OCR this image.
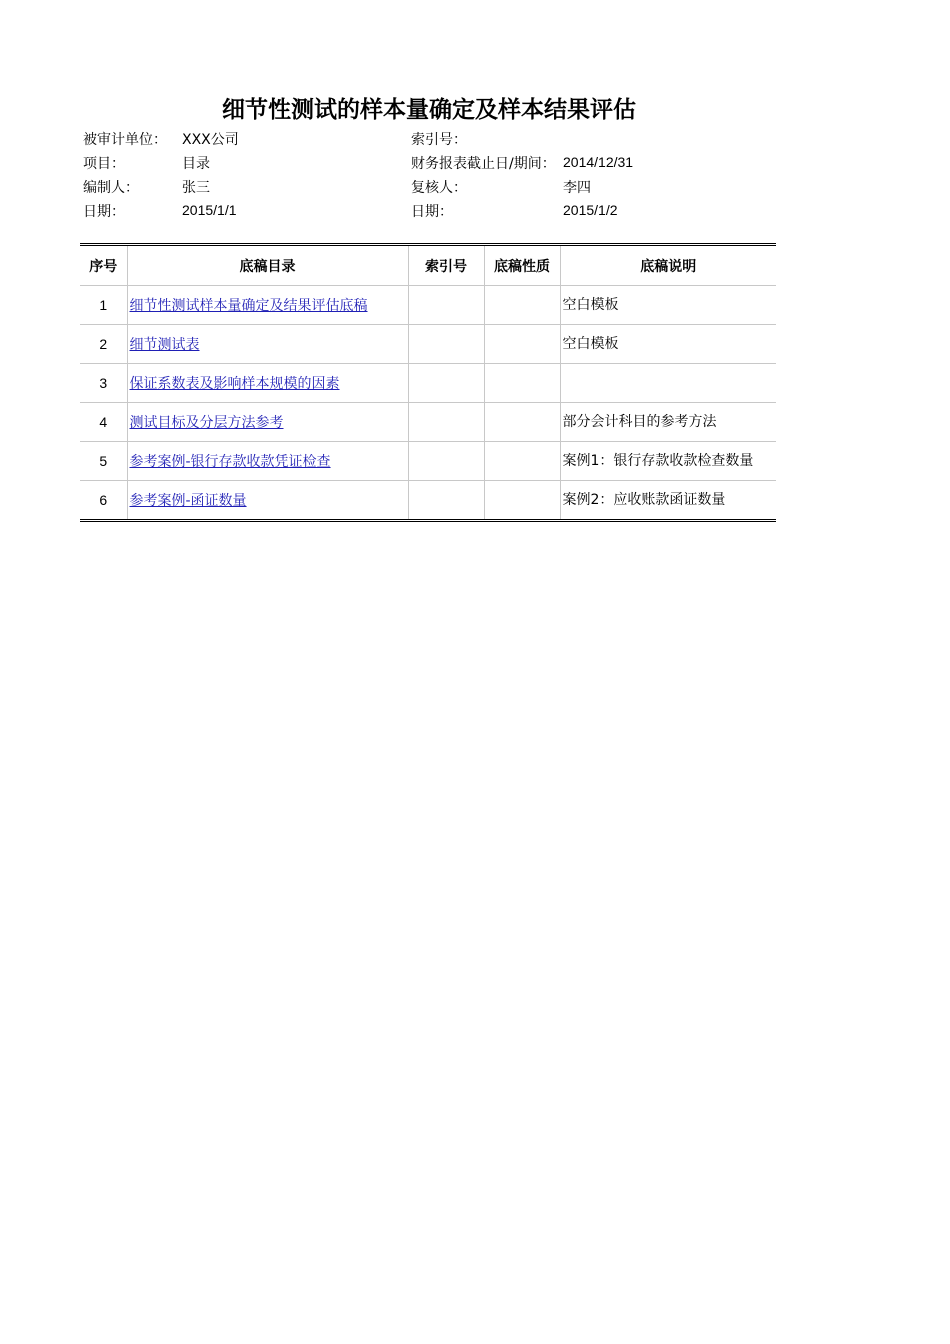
细节性测试的样本量确定及样本结果评估
被审计单位： XXX公司	索引号：
项目：	目录	财务报表截止日/期间： 2014/12/31
编制人：	张三	复核人：	李四
日期：	2015/1/1	日期：	2015/1/2
序号	底稿目录	索引号	底稿性质	底稿说明
1	细节性测试样本量确定及结果评估底稿			空白模板
2	细节测试表			空白模板
3	保证系数表及影响样本规模的因素			
4	测试目标及分层方法参考			部分会计科目的参考方法
5	参考案例-银行存款收款凭证检查			案例1：银行存款收款检查数量
6	参考案例-函证数量			案例2：应收账款函证数量
